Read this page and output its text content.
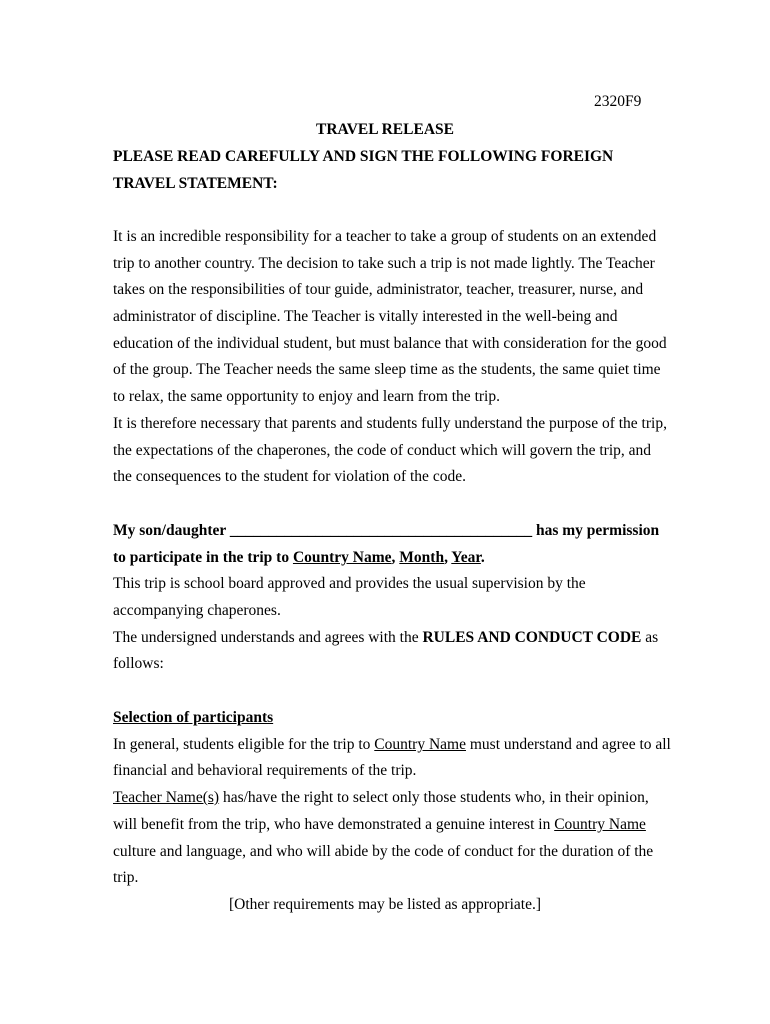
2320F9
TRAVEL RELEASE
PLEASE READ CAREFULLY AND SIGN THE FOLLOWING FOREIGN
TRAVEL STATEMENT:
It is an incredible responsibility for a teacher to take a group of students on an extended
trip to another country. The decision to take such a trip is not made lightly. The Teacher
takes on the responsibilities of tour guide, administrator, teacher, treasurer, nurse, and
administrator of discipline. The Teacher is vitally interested in the well-being and
education of the individual student, but must balance that with consideration for the good
of the group. The Teacher needs the same sleep time as the students, the same quiet time
to relax, the same opportunity to enjoy and learn from the trip.
It is therefore necessary that parents and students fully understand the purpose of the trip,
the expectations of the chaperones, the code of conduct which will govern the trip, and
the consequences to the student for violation of the code.
My son/daughter _______________________________________ has my permission
to participate in the trip to Country Name, Month, Year.
This trip is school board approved and provides the usual supervision by the
accompanying chaperones.
The undersigned understands and agrees with the RULES AND CONDUCT CODE as
follows:
Selection of participants
In general, students eligible for the trip to Country Name must understand and agree to all
financial and behavioral requirements of the trip.
Teacher Name(s) has/have the right to select only those students who, in their opinion,
will benefit from the trip, who have demonstrated a genuine interest in Country Name
culture and language, and who will abide by the code of conduct for the duration of the
trip.
[Other requirements may be listed as appropriate.]
